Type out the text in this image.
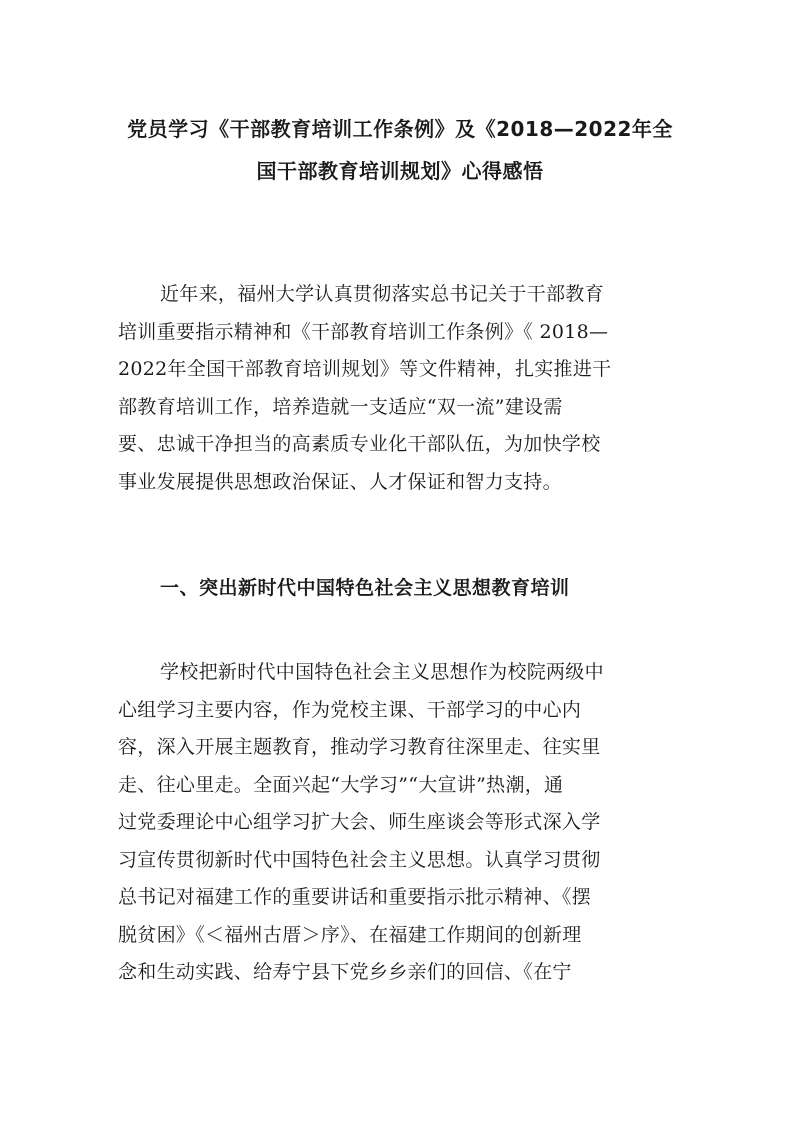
党员学习《干部教育培训工作条例》及《2018—2022年全
国干部教育培训规划》心得感悟
近年来，福州大学认真贯彻落实总书记关于干部教育
培训重要指示精神和《干部教育培训工作条例》《 2018—
2022年全国干部教育培训规划》等文件精神，扎实推进干
部教育培训工作，培养造就一支适应“双一流”建设需
要、忠诚干净担当的高素质专业化干部队伍，为加快学校
事业发展提供思想政治保证、人才保证和智力支持。
一、突出新时代中国特色社会主义思想教育培训
学校把新时代中国特色社会主义思想作为校院两级中
心组学习主要内容，作为党校主课、干部学习的中心内
容，深入开展主题教育，推动学习教育往深里走、往实里
走、往心里走。全面兴起“大学习”“大宣讲”热潮，通
过党委理论中心组学习扩大会、师生座谈会等形式深入学
习宣传贯彻新时代中国特色社会主义思想。认真学习贯彻
总书记对福建工作的重要讲话和重要指示批示精神、《摆
脱贫困》《＜福州古厝＞序》、在福建工作期间的创新理
念和生动实践、给寿宁县下党乡乡亲们的回信、《在宁
